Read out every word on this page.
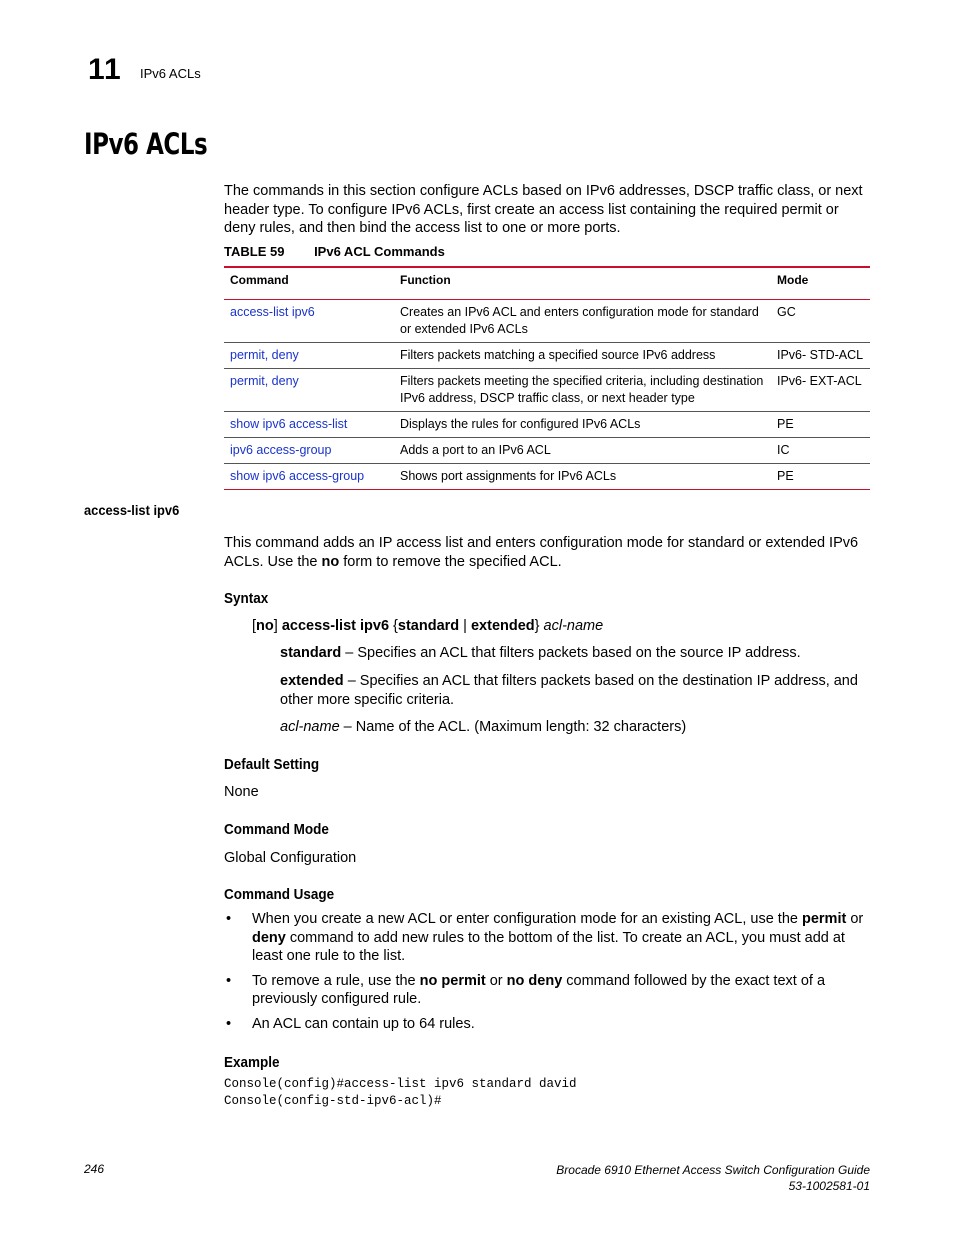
11 IPv6 ACLs
IPv6 ACLs
The commands in this section configure ACLs based on IPv6 addresses, DSCP traffic class, or next header type. To configure IPv6 ACLs, first create an access list containing the required permit or deny rules, and then bind the access list to one or more ports.
TABLE 59 IPv6 ACL Commands
Command	Function	Mode
access-list ipv6	Creates an IPv6 ACL and enters configuration mode for standard or extended IPv6 ACLs	GC
permit, deny	Filters packets matching a specified source IPv6 address	IPv6- STD-ACL
permit, deny	Filters packets meeting the specified criteria, including destination IPv6 address, DSCP traffic class, or next header type	IPv6- EXT-ACL
show ipv6 access-list	Displays the rules for configured IPv6 ACLs	PE
ipv6 access-group	Adds a port to an IPv6 ACL	IC
show ipv6 access-group	Shows port assignments for IPv6 ACLs	PE
access-list ipv6
This command adds an IP access list and enters configuration mode for standard or extended IPv6 ACLs. Use the no form to remove the specified ACL.
Syntax
[no] access-list ipv6 {standard | extended} acl-name
standard – Specifies an ACL that filters packets based on the source IP address.
extended – Specifies an ACL that filters packets based on the destination IP address, and other more specific criteria.
acl-name – Name of the ACL. (Maximum length: 32 characters)
Default Setting
None
Command Mode
Global Configuration
Command Usage
• When you create a new ACL or enter configuration mode for an existing ACL, use the permit or deny command to add new rules to the bottom of the list. To create an ACL, you must add at least one rule to the list.
• To remove a rule, use the no permit or no deny command followed by the exact text of a previously configured rule.
• An ACL can contain up to 64 rules.
Example
Console(config)#access-list ipv6 standard david
Console(config-std-ipv6-acl)#
246	Brocade 6910 Ethernet Access Switch Configuration Guide
53-1002581-01
